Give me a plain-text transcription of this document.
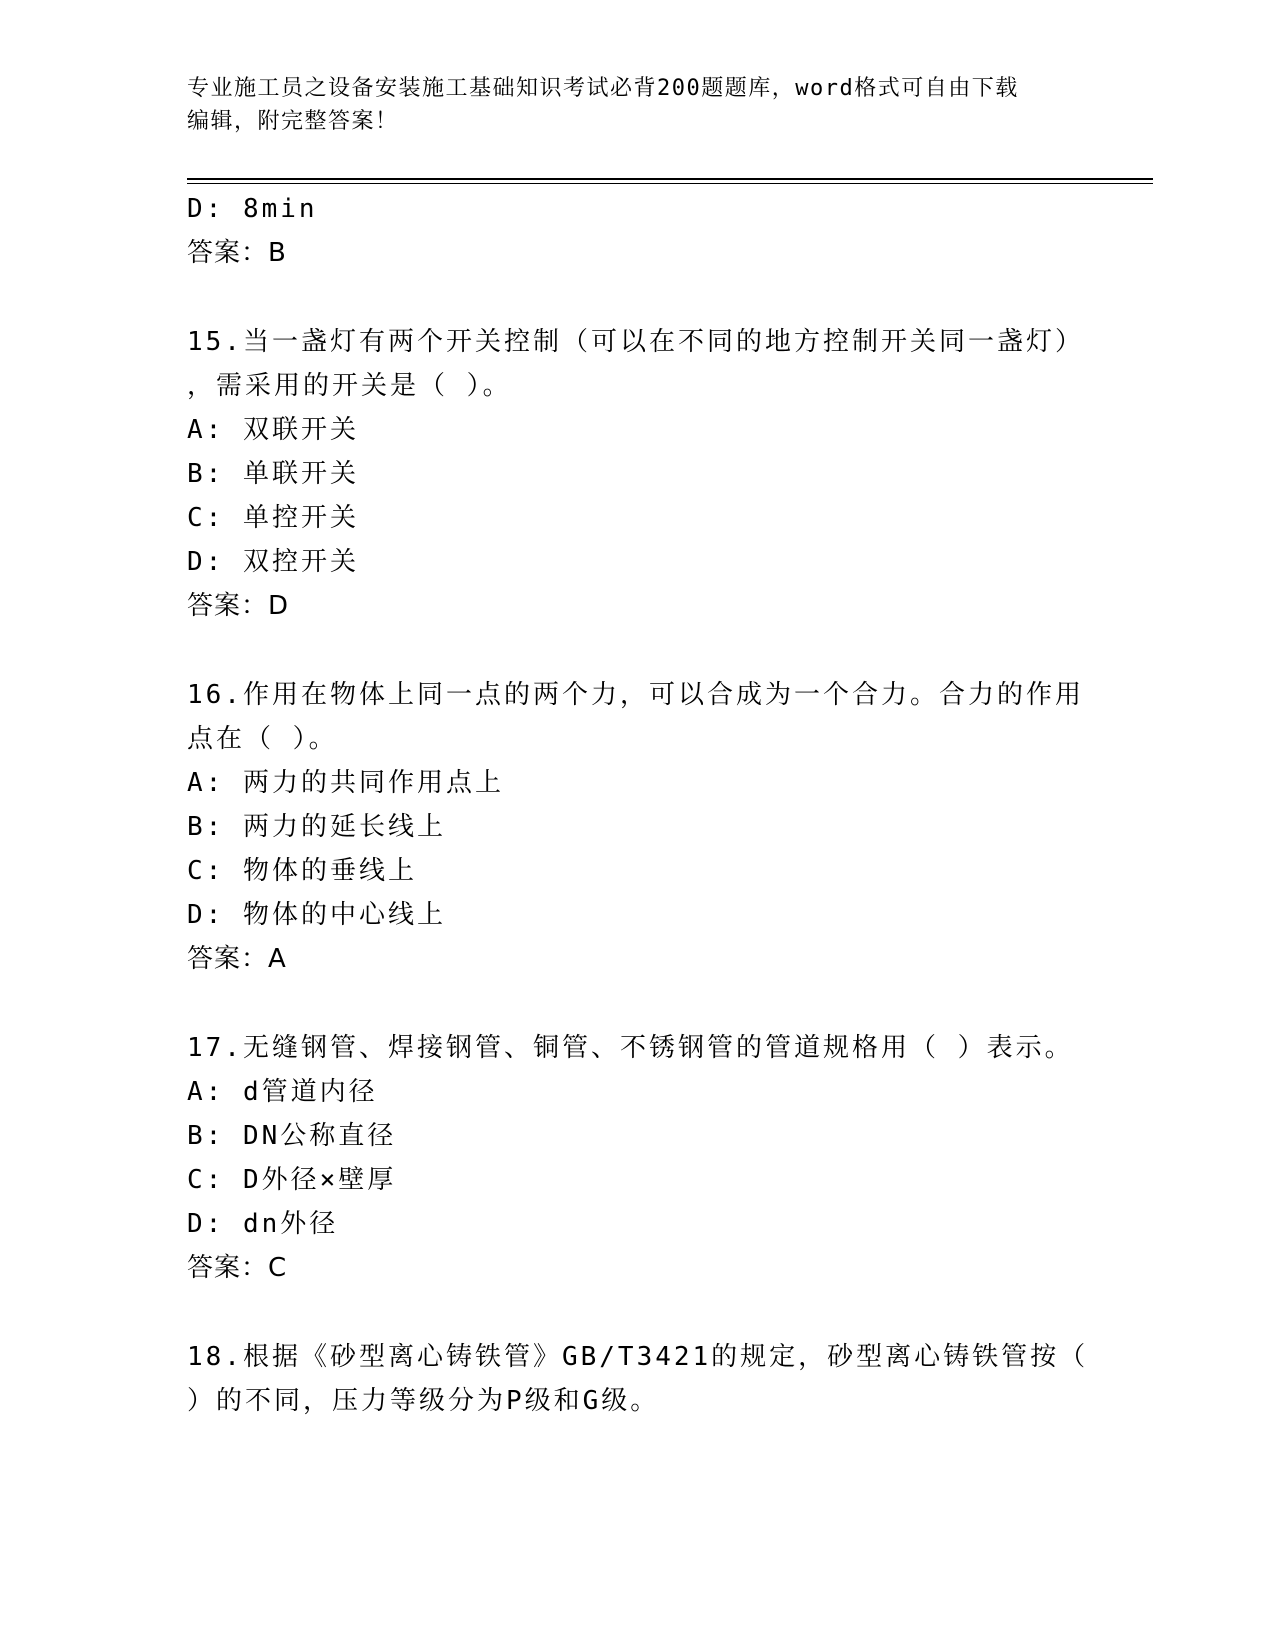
专业施工员之设备安装施工基础知识考试必背200题题库，word格式可自由下载
编辑，附完整答案！
D: 8min
答案：B
15.当一盏灯有两个开关控制（可以在不同的地方控制开关同一盏灯）
，需采用的开关是（ ）。
A: 双联开关
B: 单联开关
C: 单控开关
D: 双控开关
答案：D
16.作用在物体上同一点的两个力，可以合成为一个合力。合力的作用
点在（ ）。
A: 两力的共同作用点上
B: 两力的延长线上
C: 物体的垂线上
D: 物体的中心线上
答案：A
17.无缝钢管、焊接钢管、铜管、不锈钢管的管道规格用（ ）表示。
A: d管道内径
B: DN公称直径
C: D外径×壁厚
D: dn外径
答案：C
18.根据《砂型离心铸铁管》GB/T3421的规定，砂型离心铸铁管按（
）的不同，压力等级分为P级和G级。
